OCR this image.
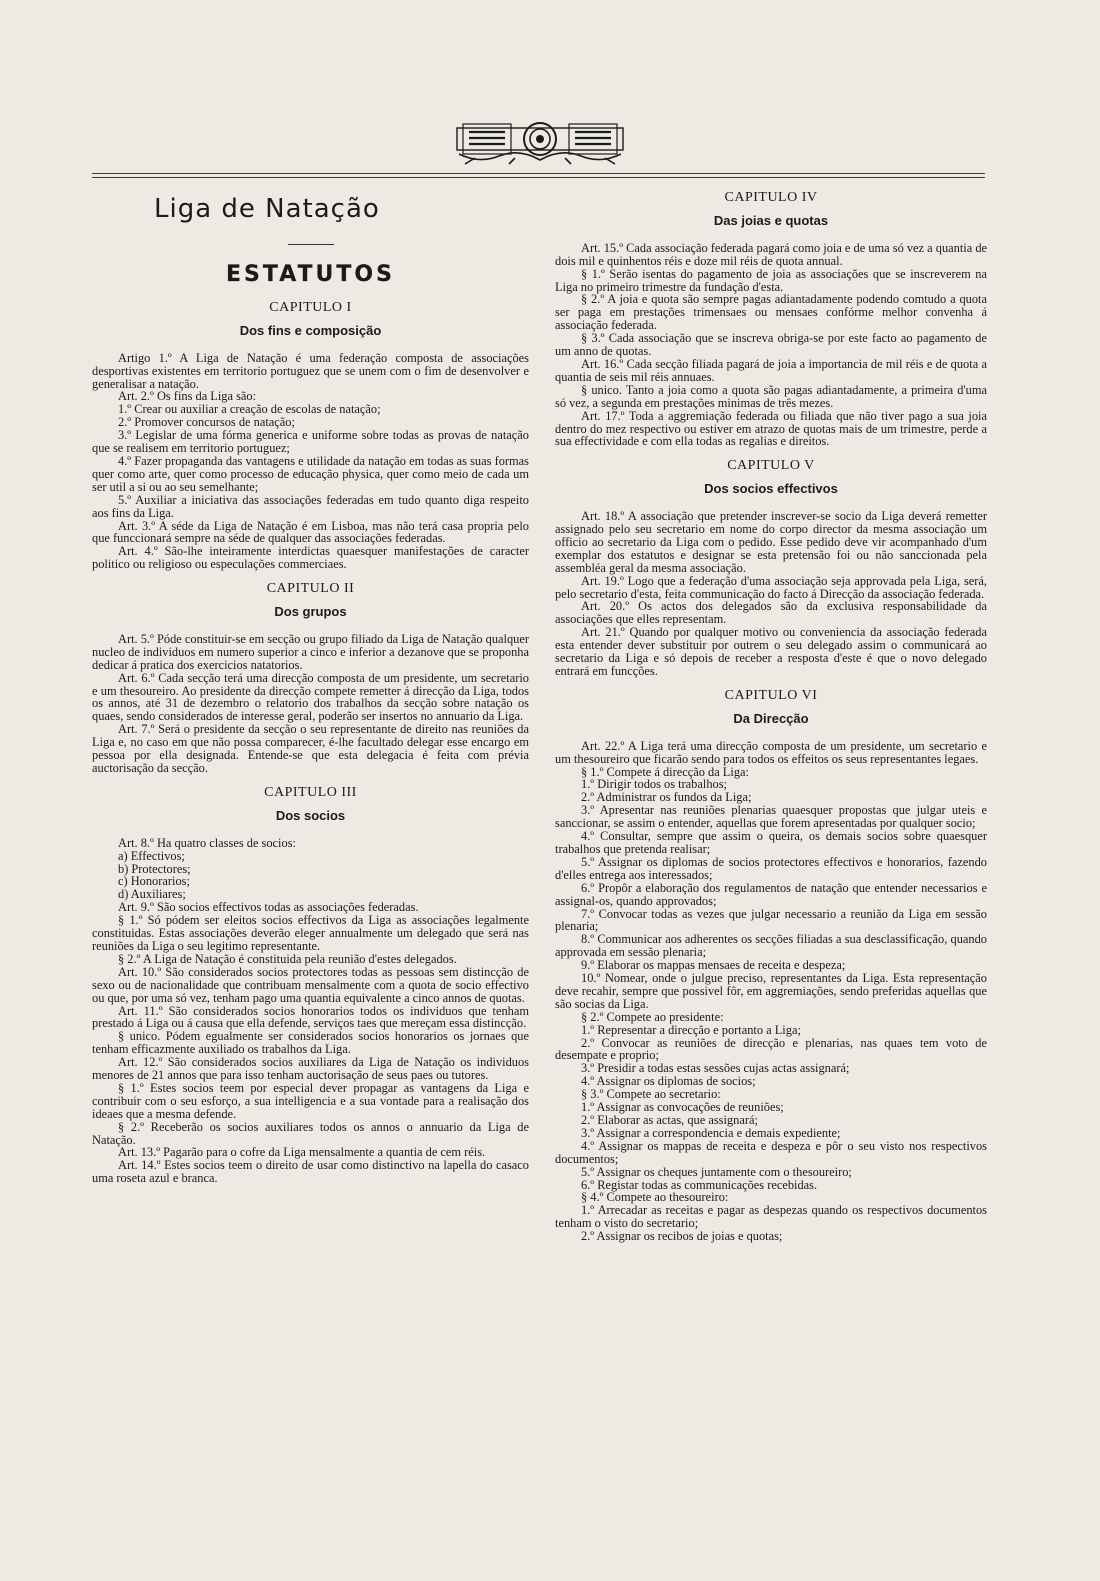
Liga de Natação
ESTATUTOS
CAPITULO I
Dos fins e composição

Artigo 1.º A Liga de Natação é uma federação composta de associações desportivas existentes em territorio portuguez que se unem com o fim de desenvolver e generalisar a natação.

Art. 2.º Os fins da Liga são:

1.º Crear ou auxiliar a creação de escolas de natação;

2.º Promover concursos de natação;

3.º Legislar de uma fórma generica e uniforme sobre todas as provas de natação que se realisem em territorio portuguez;

4.º Fazer propaganda das vantagens e utilidade da natação em todas as suas formas quer como arte, quer como processo de educação physica, quer como meio de cada um ser util a si ou ao seu semelhante;

5.º Auxiliar a iniciativa das associações federadas em tudo quanto diga respeito aos fins da Liga.

Art. 3.º A séde da Liga de Natação é em Lisboa, mas não terá casa propria pelo que funccionará sempre na séde de qualquer das associações federadas.

Art. 4.º São-lhe inteiramente interdictas quaesquer manifestações de caracter politico ou religioso ou especulações commerciaes.

CAPITULO II
Dos grupos

Art. 5.º Póde constituir-se em secção ou grupo filiado da Liga de Natação qualquer nucleo de individuos em numero superior a cinco e inferior a dezanove que se proponha dedicar á pratica dos exercicios natatorios.

Art. 6.º Cada secção terá uma direcção composta de um presidente, um secretario e um thesoureiro. Ao presidente da direcção compete remetter á direcção da Liga, todos os annos, até 31 de dezembro o relatorio dos trabalhos da secção sobre natação os quaes, sendo considerados de interesse geral, poderão ser insertos no annuario da Liga.

Art. 7.º Será o presidente da secção o seu representante de direito nas reuniões da Liga e, no caso em que não possa comparecer, é-lhe facultado delegar esse encargo em pessoa por ella designada. Entende-se que esta delegacia é feita com prévia auctorisação da secção.

CAPITULO III
Dos socios

Art. 8.º Ha quatro classes de socios:

a) Effectivos;

b) Protectores;

c) Honorarios;

d) Auxiliares;

Art. 9.º São socios effectivos todas as associações federadas.

§ 1.º Só pódem ser eleitos socios effectivos da Liga as associações legalmente constituidas. Estas associações deverão eleger annualmente um delegado que será nas reuniões da Liga o seu legitimo representante.

§ 2.º A Liga de Natação é constituida pela reunião d'estes delegados.

Art. 10.º São considerados socios protectores todas as pessoas sem distincção de sexo ou de nacionalidade que contribuam mensalmente com a quota de socio effectivo ou que, por uma só vez, tenham pago uma quantia equivalente a cinco annos de quotas.

Art. 11.º São considerados socios honorarios todos os individuos que tenham prestado á Liga ou á causa que ella defende, serviços taes que mereçam essa distincção.

§ unico. Pódem egualmente ser considerados socios honorarios os jornaes que tenham efficazmente auxiliado os trabalhos da Liga.

Art. 12.º São considerados socios auxiliares da Liga de Natação os individuos menores de 21 annos que para isso tenham auctorisação de seus paes ou tutores.

§ 1.º Estes socios teem por especial dever propagar as vantagens da Liga e contribuir com o seu esforço, a sua intelligencia e a sua vontade para a realisação dos ideaes que a mesma defende.

§ 2.º Receberão os socios auxiliares todos os annos o annuario da Liga de Natação.

Art. 13.º Pagarão para o cofre da Liga mensalmente a quantia de cem réis.

Art. 14.º Estes socios teem o direito de usar como distinctivo na lapella do casaco uma roseta azul e branca.

CAPITULO IV
Das joias e quotas

Art. 15.º Cada associação federada pagará como joia e de uma só vez a quantia de dois mil e quinhentos réis e doze mil réis de quota annual.

§ 1.º Serão isentas do pagamento de joia as associações que se inscreverem na Liga no primeiro trimestre da fundação d'esta.

§ 2.º A joia e quota são sempre pagas adiantadamente podendo comtudo a quota ser paga em prestações trimensaes ou mensaes confórme melhor convenha á associação federada.

§ 3.º Cada associação que se inscreva obriga-se por este facto ao pagamento de um anno de quotas.

Art. 16.º Cada secção filiada pagará de joia a importancia de mil réis e de quota a quantia de seis mil réis annuaes.

§ unico. Tanto a joia como a quota são pagas adiantadamente, a primeira d'uma só vez, a segunda em prestações minimas de três mezes.

Art. 17.º Toda a aggremiação federada ou filiada que não tiver pago a sua joia dentro do mez respectivo ou estiver em atrazo de quotas mais de um trimestre, perde a sua effectividade e com ella todas as regalias e direitos.

CAPITULO V
Dos socios effectivos

Art. 18.º A associação que pretender inscrever-se socio da Liga deverá remetter assignado pelo seu secretario em nome do corpo director da mesma associação um officio ao secretario da Liga com o pedido. Esse pedido deve vir acompanhado d'um exemplar dos estatutos e designar se esta pretensão foi ou não sanccionada pela assembléa geral da mesma associação.

Art. 19.º Logo que a federação d'uma associação seja approvada pela Liga, será, pelo secretario d'esta, feita communicação do facto á Direcção da associação federada.

Art. 20.º Os actos dos delegados são da exclusiva responsabilidade da associações que elles representam.

Art. 21.º Quando por qualquer motivo ou conveniencia da associação federada esta entender dever substituir por outrem o seu delegado assim o communicará ao secretario da Liga e só depois de receber a resposta d'este é que o novo delegado entrará em funcções.

CAPITULO VI
Da Direcção

Art. 22.º A Liga terá uma direcção composta de um presidente, um secretario e um thesoureiro que ficarão sendo para todos os effeitos os seus representantes legaes.

§ 1.º Compete á direcção da Liga:

1.º Dirigir todos os trabalhos;

2.º Administrar os fundos da Liga;

3.º Apresentar nas reuniões plenarias quaesquer propostas que julgar uteis e sanccionar, se assim o entender, aquellas que forem apresentadas por qualquer socio;

4.º Consultar, sempre que assim o queira, os demais socios sobre quaesquer trabalhos que pretenda realisar;

5.º Assignar os diplomas de socios protectores effectivos e honorarios, fazendo d'elles entrega aos interessados;

6.º Propôr a elaboração dos regulamentos de natação que entender necessarios e assignal-os, quando approvados;

7.º Convocar todas as vezes que julgar necessario a reunião da Liga em sessão plenaria;

8.º Communicar aos adherentes os secções filiadas a sua desclassificação, quando approvada em sessão plenaria;

9.º Elaborar os mappas mensaes de receita e despeza;

10.º Nomear, onde o julgue preciso, representantes da Liga. Esta representação deve recahir, sempre que possivel fôr, em aggremiações, sendo preferidas aquellas que são socias da Liga.

§ 2.º Compete ao presidente:

1.º Representar a direcção e portanto a Liga;

2.º Convocar as reuniões de direcção e plenarias, nas quaes tem voto de desempate e proprio;

3.º Presidir a todas estas sessões cujas actas assignará;

4.º Assignar os diplomas de socios;

§ 3.º Compete ao secretario:

1.º Assignar as convocações de reuniões;

2.º Elaborar as actas, que assignará;

3.º Assignar a correspondencia e demais expediente;

4.º Assignar os mappas de receita e despeza e pôr o seu visto nos respectivos documentos;

5.º Assignar os cheques juntamente com o thesoureiro;

6.º Registar todas as communicações recebidas.

§ 4.º Compete ao thesoureiro:

1.º Arrecadar as receitas e pagar as despezas quando os respectivos documentos tenham o visto do secretario;

2.º Assignar os recibos de joias e quotas;
